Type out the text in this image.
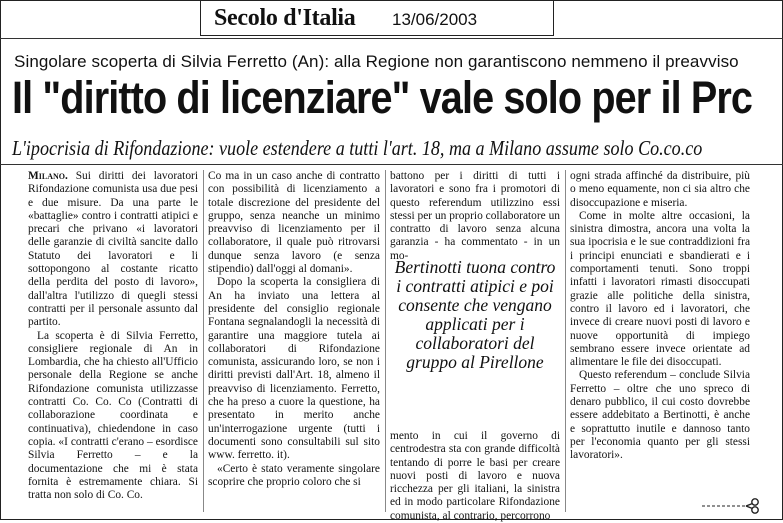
Secolo d'Italia 13/06/2003
Singolare scoperta di Silvia Ferretto (An): alla Regione non garantiscono nemmeno il preavviso
Il "diritto di licenziare" vale solo per il Prc
L'ipocrisia di Rifondazione: vuole estendere a tutti l'art. 18, ma a Milano assume solo Co.co.co

Milano. Sui diritti dei lavoratori Rifondazione comunista usa due pesi e due misure. Da una parte le «battaglie» contro i contratti atipici e precari che privano «i lavoratori delle garanzie di civiltà sancite dallo Statuto dei lavoratori e li sottopongono al costante ricatto della perdita del posto di lavoro», dall'altra l'utilizzo di quegli stessi contratti per il personale assunto dal partito.

La scoperta è di Silvia Ferretto, consigliere regionale di An in Lombardia, che ha chiesto all'Ufficio personale della Regione se anche Rifondazione comunista utilizzasse contratti Co. Co. Co (Contratti di collaborazione coordinata e continuativa), chiedendone in caso copia. «I contratti c'erano – esordisce Silvia Ferretto – e la documentazione che mi è stata fornita è estremamente chiara. Si tratta non solo di Co. Co.

Co ma in un caso anche di contratto con possibilità di licenziamento a totale discrezione del presidente del gruppo, senza neanche un minimo preavviso di licenziamento per il collaboratore, il quale può ritrovarsi dunque senza lavoro (e senza stipendio) dall'oggi al domani».

Dopo la scoperta la consigliera di An ha inviato una lettera al presidente del consiglio regionale Fontana segnalandogli la necessità di garantire una maggiore tutela ai collaboratori di Rifondazione comunista, assicurando loro, se non i diritti previsti dall'Art. 18, almeno il preavviso di licenziamento. Ferretto, che ha preso a cuore la questione, ha presentato in merito anche un'interrogazione urgente (tutti i documenti sono consultabili sul sito www. ferretto. it).

«Certo è stato veramente singolare scoprire che proprio coloro che si

battono per i diritti di tutti i lavoratori e sono fra i promotori di questo referendum utilizzino essi stessi per un proprio collaboratore un contratto di lavoro senza alcuna garanzia - ha commentato - in un mo-

Bertinotti tuona contro i contratti atipici e poi consente che vengano applicati per i collaboratori del gruppo al Pirellone

mento in cui il governo di centrodestra sta con grande difficoltà tentando di porre le basi per creare nuovi posti di lavoro e nuova ricchezza per gli italiani, la sinistra ed in modo particolare Rifondazione comunista, al contrario, percorrono

ogni strada affinché da distribuire, più o meno equamente, non ci sia altro che disoccupazione e miseria.

Come in molte altre occasioni, la sinistra dimostra, ancora una volta la sua ipocrisia e le sue contraddizioni fra i principi enunciati e sbandierati e i comportamenti tenuti. Sono troppi infatti i lavoratori rimasti disoccupati grazie alle politiche della sinistra, contro il lavoro ed i lavoratori, che invece di creare nuovi posti di lavoro e nuove opportunità di impiego sembrano essere invece orientate ad alimentare le file dei disoccupati.

Questo referendum – conclude Silvia Ferretto – oltre che uno spreco di denaro pubblico, il cui costo dovrebbe essere addebitato a Bertinotti, è anche e soprattutto inutile e dannoso tanto per l'economia quanto per gli stessi lavoratori».
